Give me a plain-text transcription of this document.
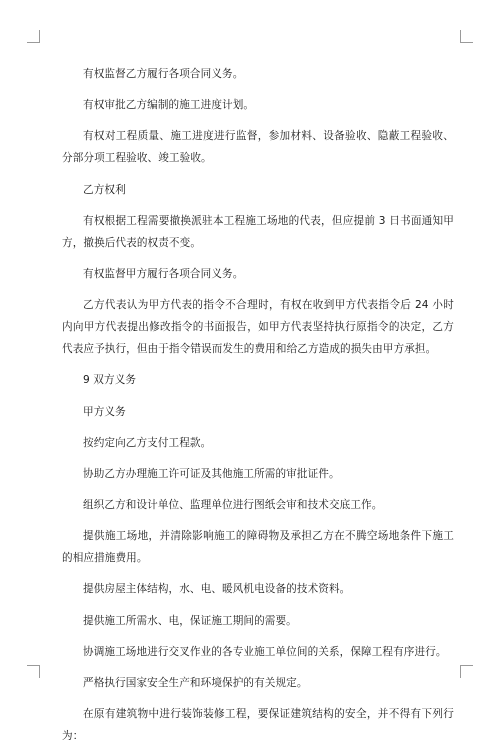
有权监督乙方履行各项合同义务。

有权审批乙方编制的施工进度计划。

有权对工程质量、施工进度进行监督，参加材料、设备验收、隐蔽工程验收、分部分项工程验收、竣工验收。

乙方权利

有权根据工程需要撤换派驻本工程施工场地的代表，但应提前 3 日书面通知甲方，撤换后代表的权责不变。

有权监督甲方履行各项合同义务。

乙方代表认为甲方代表的指令不合理时，有权在收到甲方代表指令后 24 小时内向甲方代表提出修改指令的书面报告，如甲方代表坚持执行原指令的决定，乙方代表应予执行，但由于指令错误而发生的费用和给乙方造成的损失由甲方承担。

9 双方义务

甲方义务

按约定向乙方支付工程款。

协助乙方办理施工许可证及其他施工所需的审批证件。

组织乙方和设计单位、监理单位进行图纸会审和技术交底工作。

提供施工场地，并清除影响施工的障碍物及承担乙方在不腾空场地条件下施工的相应措施费用。

提供房屋主体结构，水、电、暖风机电设备的技术资料。

提供施工所需水、电，保证施工期间的需要。

协调施工场地进行交叉作业的各专业施工单位间的关系，保障工程有序进行。

严格执行国家安全生产和环境保护的有关规定。

在原有建筑物中进行装饰装修工程，要保证建筑结构的安全，并不得有下列行为：
